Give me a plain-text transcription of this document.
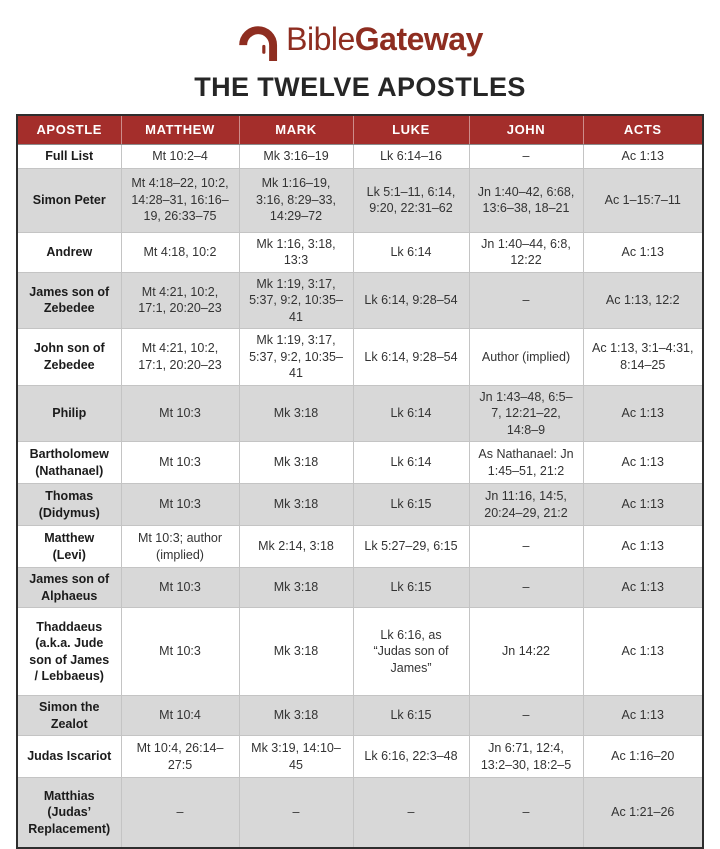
BibleGateway
THE TWELVE APOSTLES
APOSTLE	MATTHEW	MARK	LUKE	JOHN	ACTS
Full List	Mt 10:2–4	Mk 3:16–19	Lk 6:14–16	–	Ac 1:13
Simon Peter	Mt 4:18–22, 10:2, 14:28–31, 16:16–19, 26:33–75	Mk 1:16–19, 3:16, 8:29–33, 14:29–72	Lk 5:1–11, 6:14, 9:20, 22:31–62	Jn 1:40–42, 6:68, 13:6–38, 18–21	Ac 1–15:7–11
Andrew	Mt 4:18, 10:2	Mk 1:16, 3:18, 13:3	Lk 6:14	Jn 1:40–44, 6:8, 12:22	Ac 1:13
James son of Zebedee	Mt 4:21, 10:2, 17:1, 20:20–23	Mk 1:19, 3:17, 5:37, 9:2, 10:35–41	Lk 6:14, 9:28–54	–	Ac 1:13, 12:2
John son of Zebedee	Mt 4:21, 10:2, 17:1, 20:20–23	Mk 1:19, 3:17, 5:37, 9:2, 10:35–41	Lk 6:14, 9:28–54	Author (implied)	Ac 1:13, 3:1–4:31, 8:14–25
Philip	Mt 10:3	Mk 3:18	Lk 6:14	Jn 1:43–48, 6:5–7, 12:21–22, 14:8–9	Ac 1:13
Bartholomew (Nathanael)	Mt 10:3	Mk 3:18	Lk 6:14	As Nathanael: Jn 1:45–51, 21:2	Ac 1:13
Thomas (Didymus)	Mt 10:3	Mk 3:18	Lk 6:15	Jn 11:16, 14:5, 20:24–29, 21:2	Ac 1:13
Matthew (Levi)	Mt 10:3; author (implied)	Mk 2:14, 3:18	Lk 5:27–29, 6:15	–	Ac 1:13
James son of Alphaeus	Mt 10:3	Mk 3:18	Lk 6:15	–	Ac 1:13
Thaddaeus (a.k.a. Jude son of James / Lebbaeus)	Mt 10:3	Mk 3:18	Lk 6:16, as “Judas son of James”	Jn 14:22	Ac 1:13
Simon the Zealot	Mt 10:4	Mk 3:18	Lk 6:15	–	Ac 1:13
Judas Iscariot	Mt 10:4, 26:14–27:5	Mk 3:19, 14:10–45	Lk 6:16, 22:3–48	Jn 6:71, 12:4, 13:2–30, 18:2–5	Ac 1:16–20
Matthias (Judas’ Replacement)	–	–	–	–	Ac 1:21–26
